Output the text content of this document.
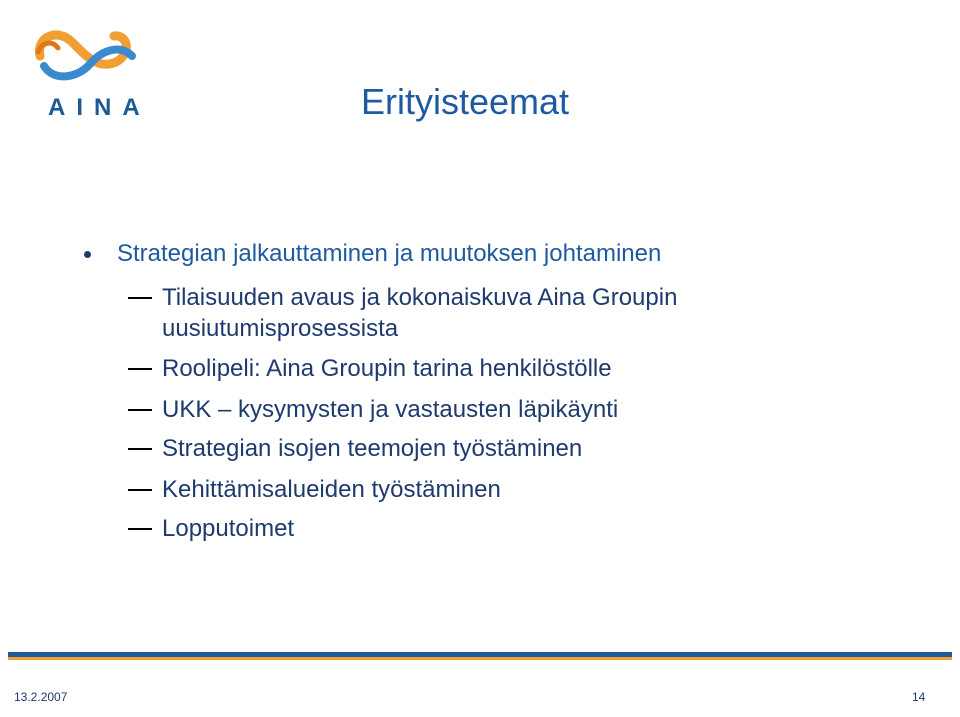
AINA	Erityisteemat
Strategian jalkauttaminen ja muutoksen johtaminen
Tilaisuuden avaus ja kokonaiskuva Aina Groupin uusiutumisprosessista
Roolipeli: Aina Groupin tarina henkilöstölle
UKK – kysymysten ja vastausten läpikäynti
Strategian isojen teemojen työstäminen
Kehittämisalueiden työstäminen
Lopputoimet
13.2.2007	14
